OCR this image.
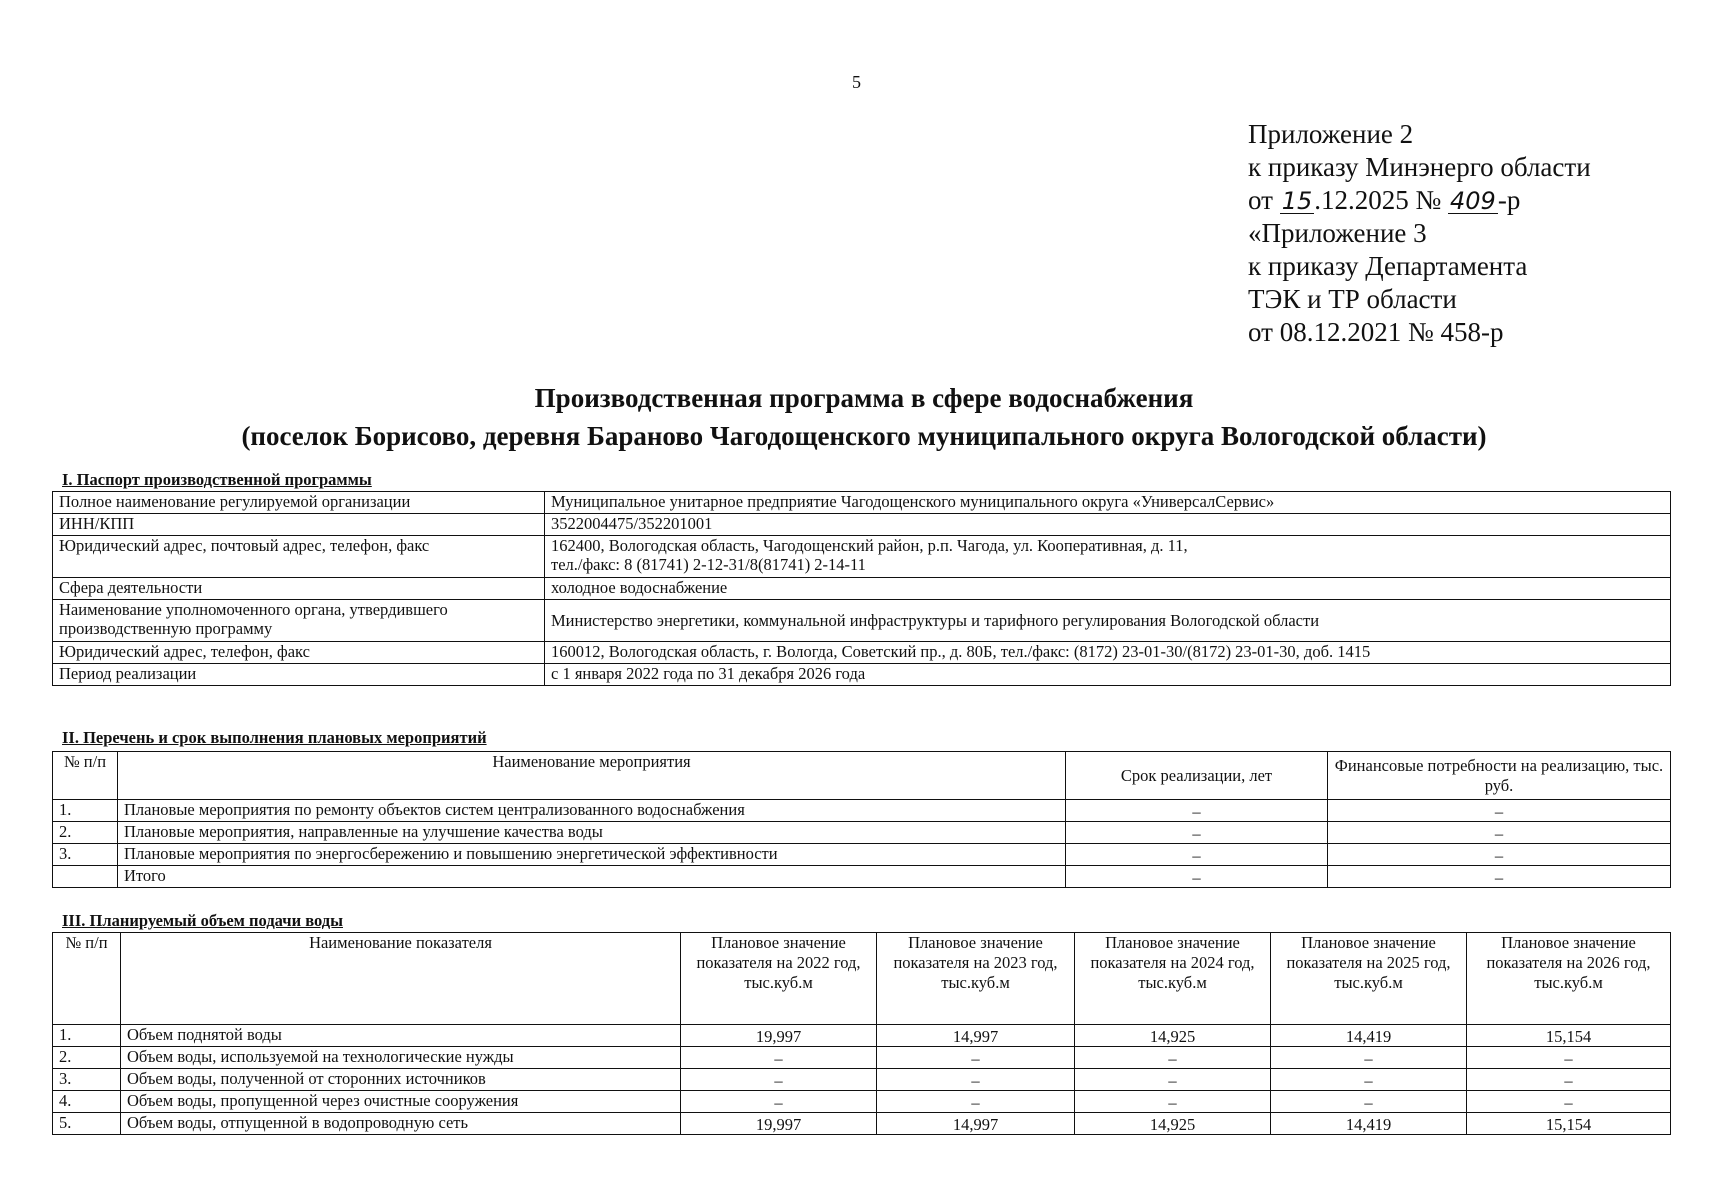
5
Приложение 2
к приказу Минэнерго области
от 15.12.2025 № 409-р
«Приложение 3
к приказу Департамента
ТЭК и ТР области
от 08.12.2021 № 458-р
Производственная программа в сфере водоснабжения
(поселок Борисово, деревня Бараново Чагодощенского муниципального округа Вологодской области)
I. Паспорт производственной программы
Полное наименование регулируемой организации	Муниципальное унитарное предприятие Чагодощенского муниципального округа «УниверсалСервис»

ИНН/КПП	3522004475/352201001

Юридический адрес, почтовый адрес, телефон, факс	162400, Вологодская область, Чагодощенский район, р.п. Чагода, ул. Кооперативная, д. 11,
тел./факс: 8 (81741) 2-12-31/8(81741) 2-14-11

Сфера деятельности	холодное водоснабжение

Наименование уполномоченного органа, утвердившего производственную программу	Министерство энергетики, коммунальной инфраструктуры и тарифного регулирования Вологодской области

Юридический адрес, телефон, факс	160012, Вологодская область, г. Вологда, Советский пр., д. 80Б, тел./факс: (8172) 23-01-30/(8172) 23-01-30, доб. 1415

Период реализации	с 1 января 2022 года по 31 декабря 2026 года
II. Перечень и срок выполнения плановых мероприятий
№ п/п	Наименование мероприятия	Срок реализации, лет	Финансовые потребности на реализацию, тыс. руб.
1.	Плановые мероприятия по ремонту объектов систем централизованного водоснабжения	–	–
2.	Плановые мероприятия, направленные на улучшение качества воды	–	–
3.	Плановые мероприятия по энергосбережению и повышению энергетической эффективности	–	–
	Итого	–	–
III. Планируемый объем подачи воды
№ п/п	Наименование показателя	Плановое значение показателя на 2022 год, тыс.куб.м	Плановое значение показателя на 2023 год, тыс.куб.м	Плановое значение показателя на 2024 год, тыс.куб.м	Плановое значение показателя на 2025 год, тыс.куб.м	Плановое значение показателя на 2026 год, тыс.куб.м
1.	Объем поднятой воды	19,997	14,997	14,925	14,419	15,154
2.	Объем воды, используемой на технологические нужды	–	–	–	–	–
3.	Объем воды, полученной от сторонних источников	–	–	–	–	–
4.	Объем воды, пропущенной через очистные сооружения	–	–	–	–	–
5.	Объем воды, отпущенной в водопроводную сеть	19,997	14,997	14,925	14,419	15,154
